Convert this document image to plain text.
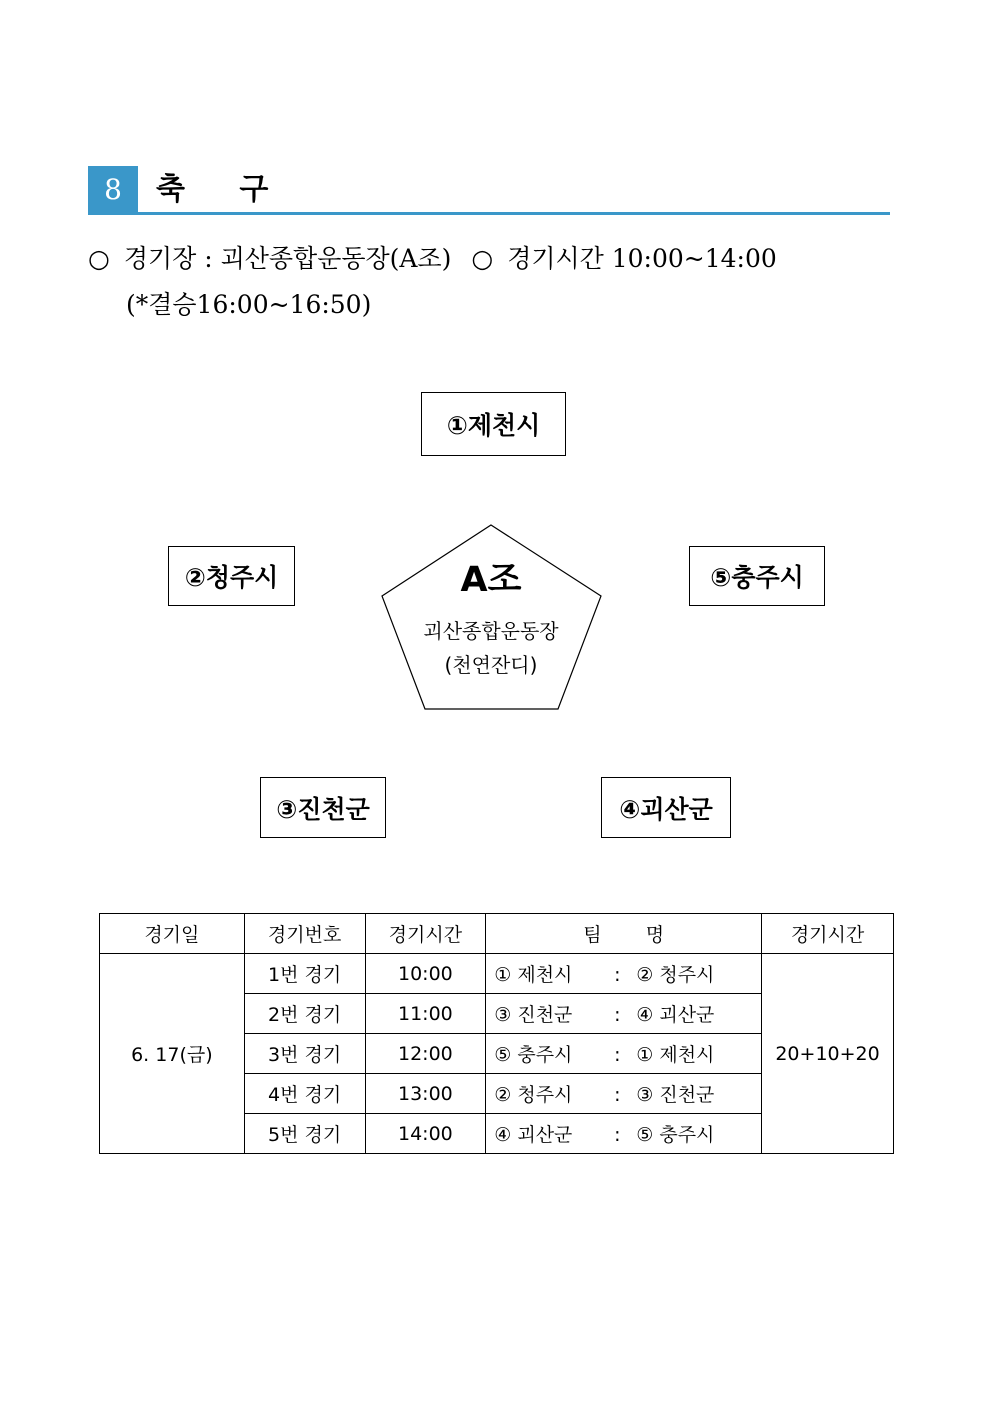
8	축 구
○ 경기장 : 괴산종합운동장(A조) ○ 경기시간 10:00~14:00
(*결승16:00~16:50)
①제천시
②청주시	⑤충주시
③진천군	④괴산군
A조
괴산종합운동장
(천연잔디)
경기일	경기번호	경기시간	팀 명	경기시간
6. 17(금)	1번 경기	10:00	① 제천시 : ② 청주시	20+10+20
	2번 경기	11:00	③ 진천군 : ④ 괴산군	
	3번 경기	12:00	⑤ 충주시 : ① 제천시	
	4번 경기	13:00	② 청주시 : ③ 진천군	
	5번 경기	14:00	④ 괴산군 : ⑤ 충주시	
